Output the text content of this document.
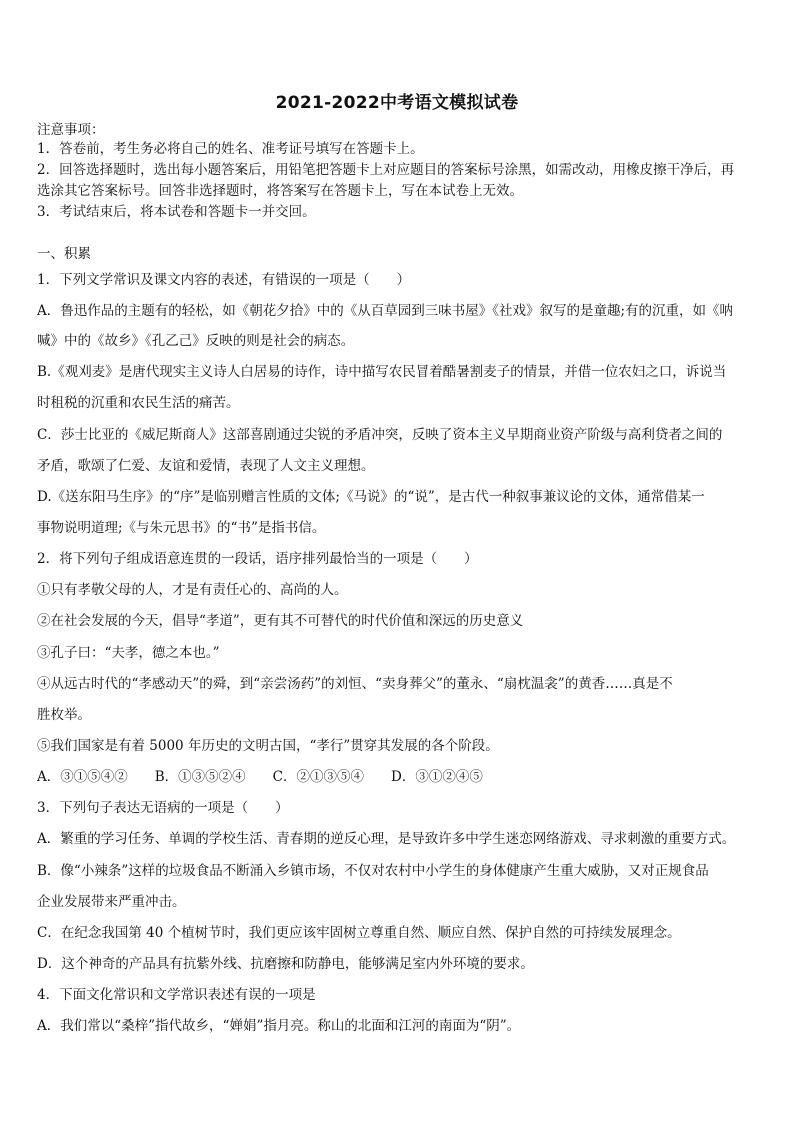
2021-2022中考语文模拟试卷
注意事项：
1．答卷前，考生务必将自己的姓名、准考证号填写在答题卡上。
2．回答选择题时，选出每小题答案后，用铅笔把答题卡上对应题目的答案标号涂黑，如需改动，用橡皮擦干净后，再
选涂其它答案标号。回答非选择题时，将答案写在答题卡上，写在本试卷上无效。
3．考试结束后，将本试卷和答题卡一并交回。
一、积累
1．下列文学常识及课文内容的表述，有错误的一项是（　　）
A．鲁迅作品的主题有的轻松，如《朝花夕拾》中的《从百草园到三味书屋》《社戏》叙写的是童趣;有的沉重，如《呐
喊》中的《故乡》《孔乙己》反映的则是社会的病态。
B.《观刈麦》是唐代现实主义诗人白居易的诗作，诗中描写农民冒着酷暑割麦子的情景，并借一位农妇之口，诉说当
时租税的沉重和农民生活的痛苦。
C．莎士比亚的《威尼斯商人》这部喜剧通过尖锐的矛盾冲突，反映了资本主义早期商业资产阶级与高利贷者之间的
矛盾，歌颂了仁爱、友谊和爱情，表现了人文主义理想。
D.《送东阳马生序》的“序”是临别赠言性质的文体;《马说》的“说”，是古代一种叙事兼议论的文体，通常借某一
事物说明道理;《与朱元思书》的“书”是指书信。
2．将下列句子组成语意连贯的一段话，语序排列最恰当的一项是（　　）
①只有孝敬父母的人，才是有责任心的、高尚的人。
②在社会发展的今天，倡导“孝道”，更有其不可替代的时代价值和深远的历史意义
③孔子曰：“夫孝，德之本也。”
④从远古时代的“孝感动天”的舜，到“亲尝汤药”的刘恒、“卖身葬父”的董永、“扇枕温衾”的黄香……真是不
胜枚举。
⑤我们国家是有着 5000 年历史的文明古国，“孝行”贯穿其发展的各个阶段。
A．③①⑤④②　　B．①③⑤②④　　C．②①③⑤④　　D．③①②④⑤
3．下列句子表达无语病的一项是（　　）
A．繁重的学习任务、单调的学校生活、青春期的逆反心理，是导致许多中学生迷恋网络游戏、寻求刺激的重要方式。
B．像“小辣条”这样的垃圾食品不断涌入乡镇市场，不仅对农村中小学生的身体健康产生重大威胁，又对正规食品
企业发展带来严重冲击。
C．在纪念我国第 40 个植树节时，我们更应该牢固树立尊重自然、顺应自然、保护自然的可持续发展理念。
D．这个神奇的产品具有抗紫外线、抗磨擦和防静电，能够满足室内外环境的要求。
4．下面文化常识和文学常识表述有误的一项是
A．我们常以“桑梓”指代故乡，“婵娟”指月亮。称山的北面和江河的南面为“阴”。
